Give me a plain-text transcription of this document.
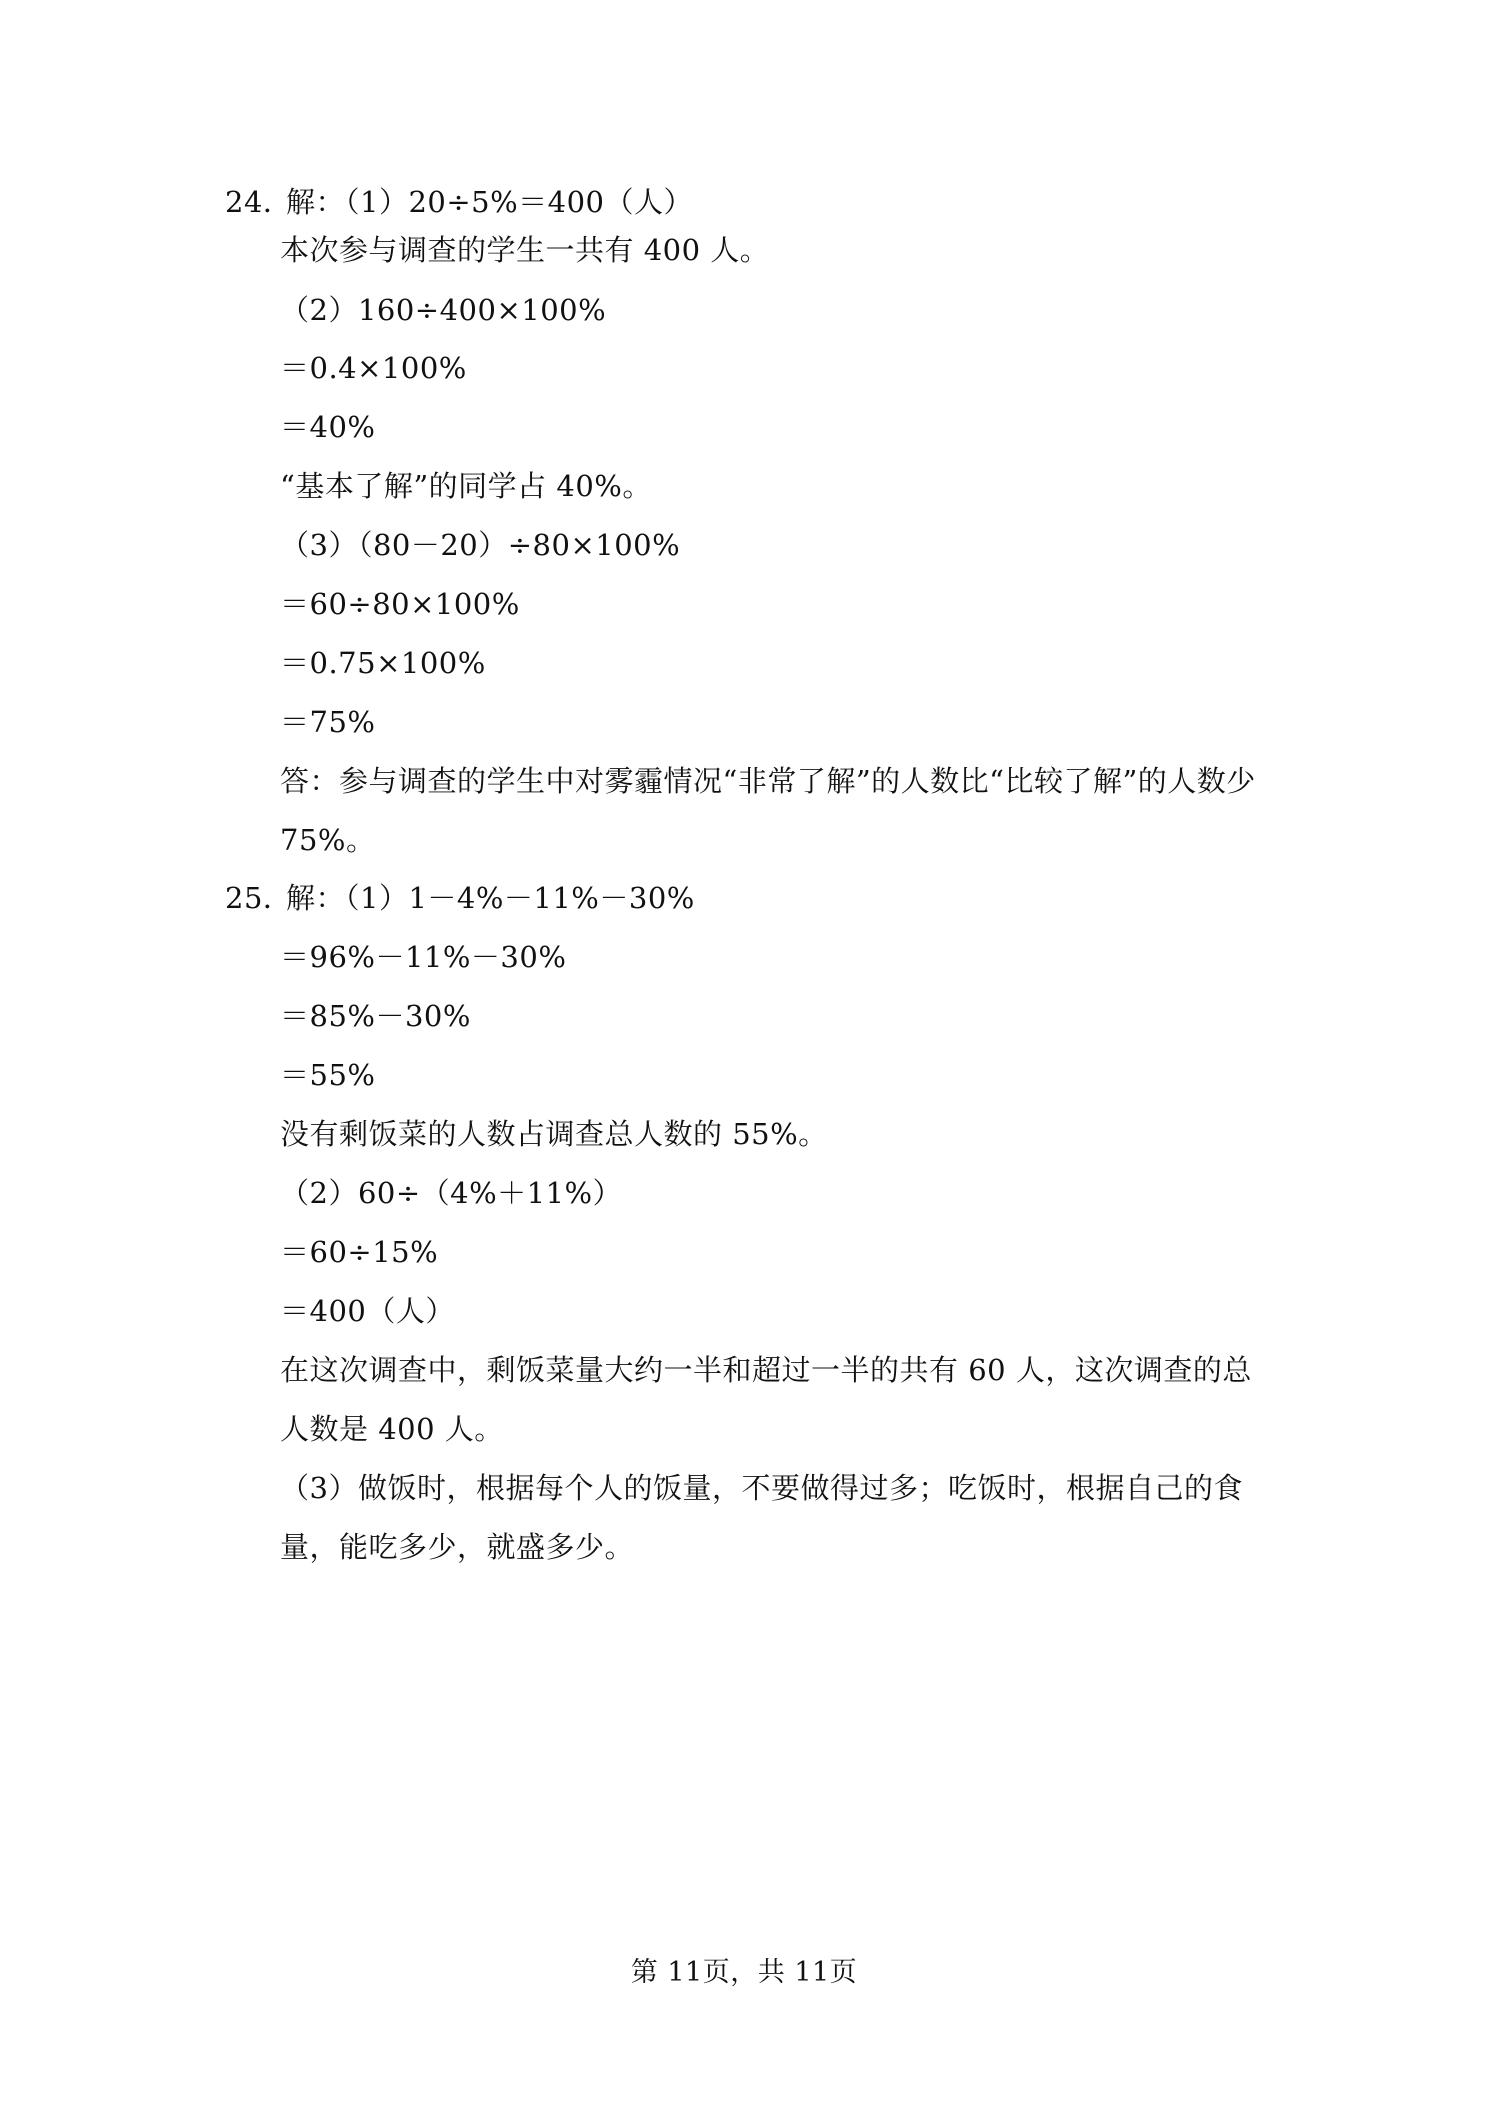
24．
解：（1）20÷5%＝400（人）
本次参与调查的学生一共有 400 人。
（2）160÷400×100%
＝0.4×100%
＝40%
“基本了解”的同学占 40%。
（3）（80－20）÷80×100%
＝60÷80×100%
＝0.75×100%
＝75%
答：参与调查的学生中对雾霾情况“非常了解”的人数比“比较了解”的人数少
75%。
25．
解：（1）1－4%－11%－30%
＝96%－11%－30%
＝85%－30%
＝55%
没有剩饭菜的人数占调查总人数的 55%。
（2）60÷（4%＋11%）
＝60÷15%
＝400（人）
在这次调查中，剩饭菜量大约一半和超过一半的共有 60 人，这次调查的总
人数是 400 人。
（3）做饭时，根据每个人的饭量，不要做得过多；吃饭时，根据自己的食
量，能吃多少，就盛多少。
第 11页，共 11页
